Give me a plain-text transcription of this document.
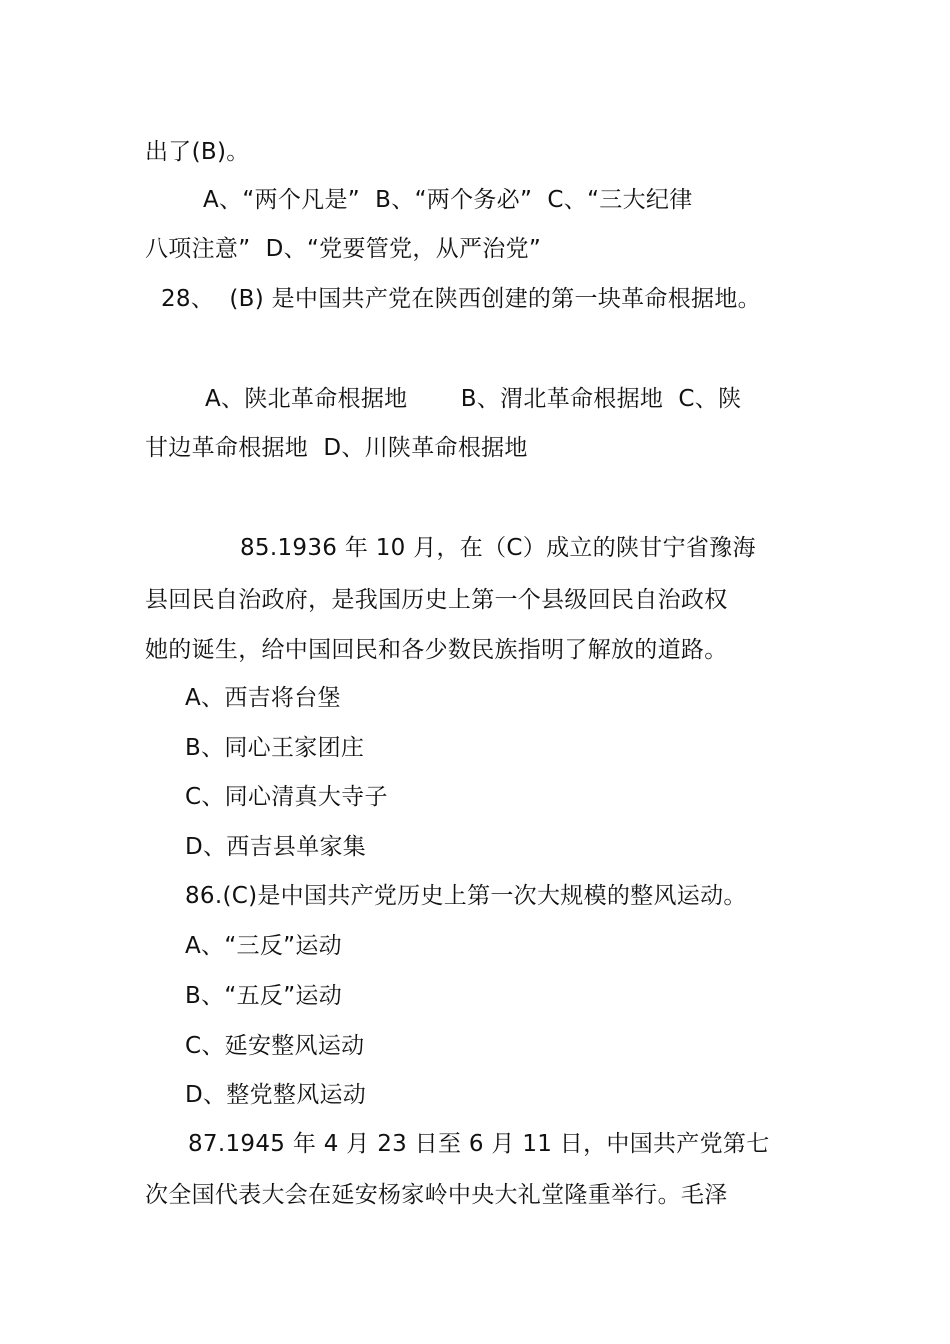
出了(B)。
A、“两个凡是”  B、“两个务必”  C、“三大纪律
八项注意”  D、“党要管党，从严治党”
28、  (B) 是中国共产党在陕西创建的第一块革命根据地。
A、陕北革命根据地       B、渭北革命根据地  C、陕
甘边革命根据地  D、川陕革命根据地
85.1936 年 10 月，在（C）成立的陕甘宁省豫海
县回民自治政府，是我国历史上第一个县级回民自治政权
她的诞生，给中国回民和各少数民族指明了解放的道路。
A、西吉将台堡
B、同心王家团庄
C、同心清真大寺子
D、西吉县单家集
86.(C)是中国共产党历史上第一次大规模的整风运动。
A、“三反”运动
B、“五反”运动
C、延安整风运动
D、整党整风运动
87.1945 年 4 月 23 日至 6 月 11 日，中国共产党第七
次全国代表大会在延安杨家岭中央大礼堂隆重举行。毛泽
